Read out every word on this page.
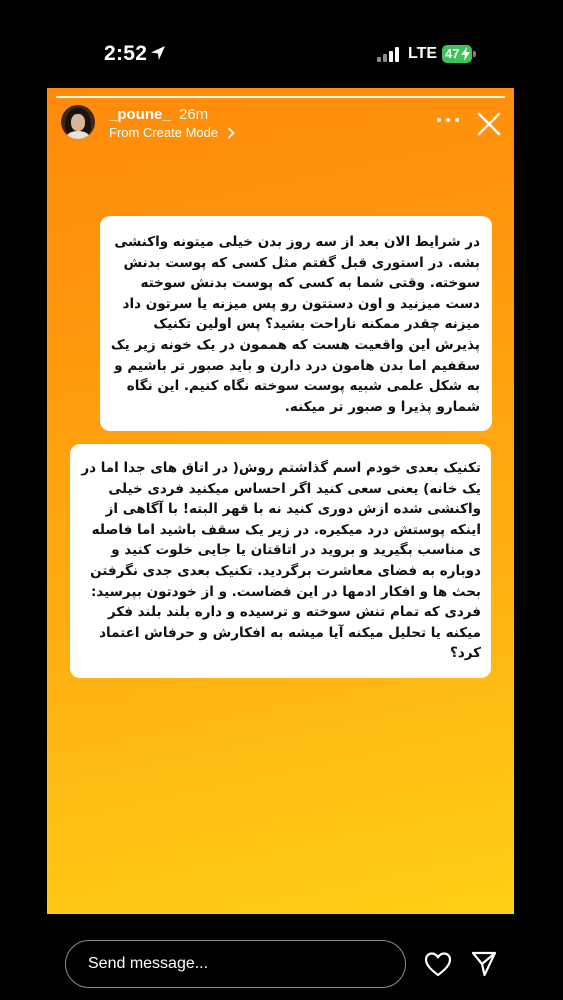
2:52	LTE 47
_poune_ 26m
From Create Mode

در شرایط الان بعد از سه روز بدن خیلی میتونه واکنشی بشه. در استوری قبل گفتم مثل کسی که پوست بدنش سوخته. وقتی شما به کسی که پوست بدنش سوخته دست میزنید و اون دستتون رو پس میزنه یا سرتون داد میزنه چقدر ممکنه ناراحت بشید؟ پس اولین تکنیک پذیرش این واقعیت هست که هممون در یک خونه زیر یک سقفیم اما بدن هامون درد دارن و باید صبور تر باشیم و به شکل علمی شبیه پوست سوخته نگاه کنیم. این نگاه شمارو پذیرا و صبور تر میکنه.

تکنیک بعدی خودم اسم گذاشتم روش( در اتاق های جدا اما در یک خانه) یعنی سعی کنید اگر احساس میکنید فردی خیلی واکنشی شده ازش دوری کنید نه با قهر البته! با آگاهی از اینکه پوستش درد میکیره. در زیر یک سقف باشید اما فاصله ی مناسب بگیرید و بروید در اتاقتان یا جایی خلوت کنید و دوباره به فضای معاشرت برگردید. تکنیک بعدی جدی نگرفتن بحث ها و افکار ادمها در این فضاست. و از خودتون بپرسید: فردی که تمام تنش سوخته و ترسیده و داره بلند بلند فکر میکنه یا تحلیل میکنه آیا میشه به افکارش و حرفاش اعتماد کرد؟

Send message...
